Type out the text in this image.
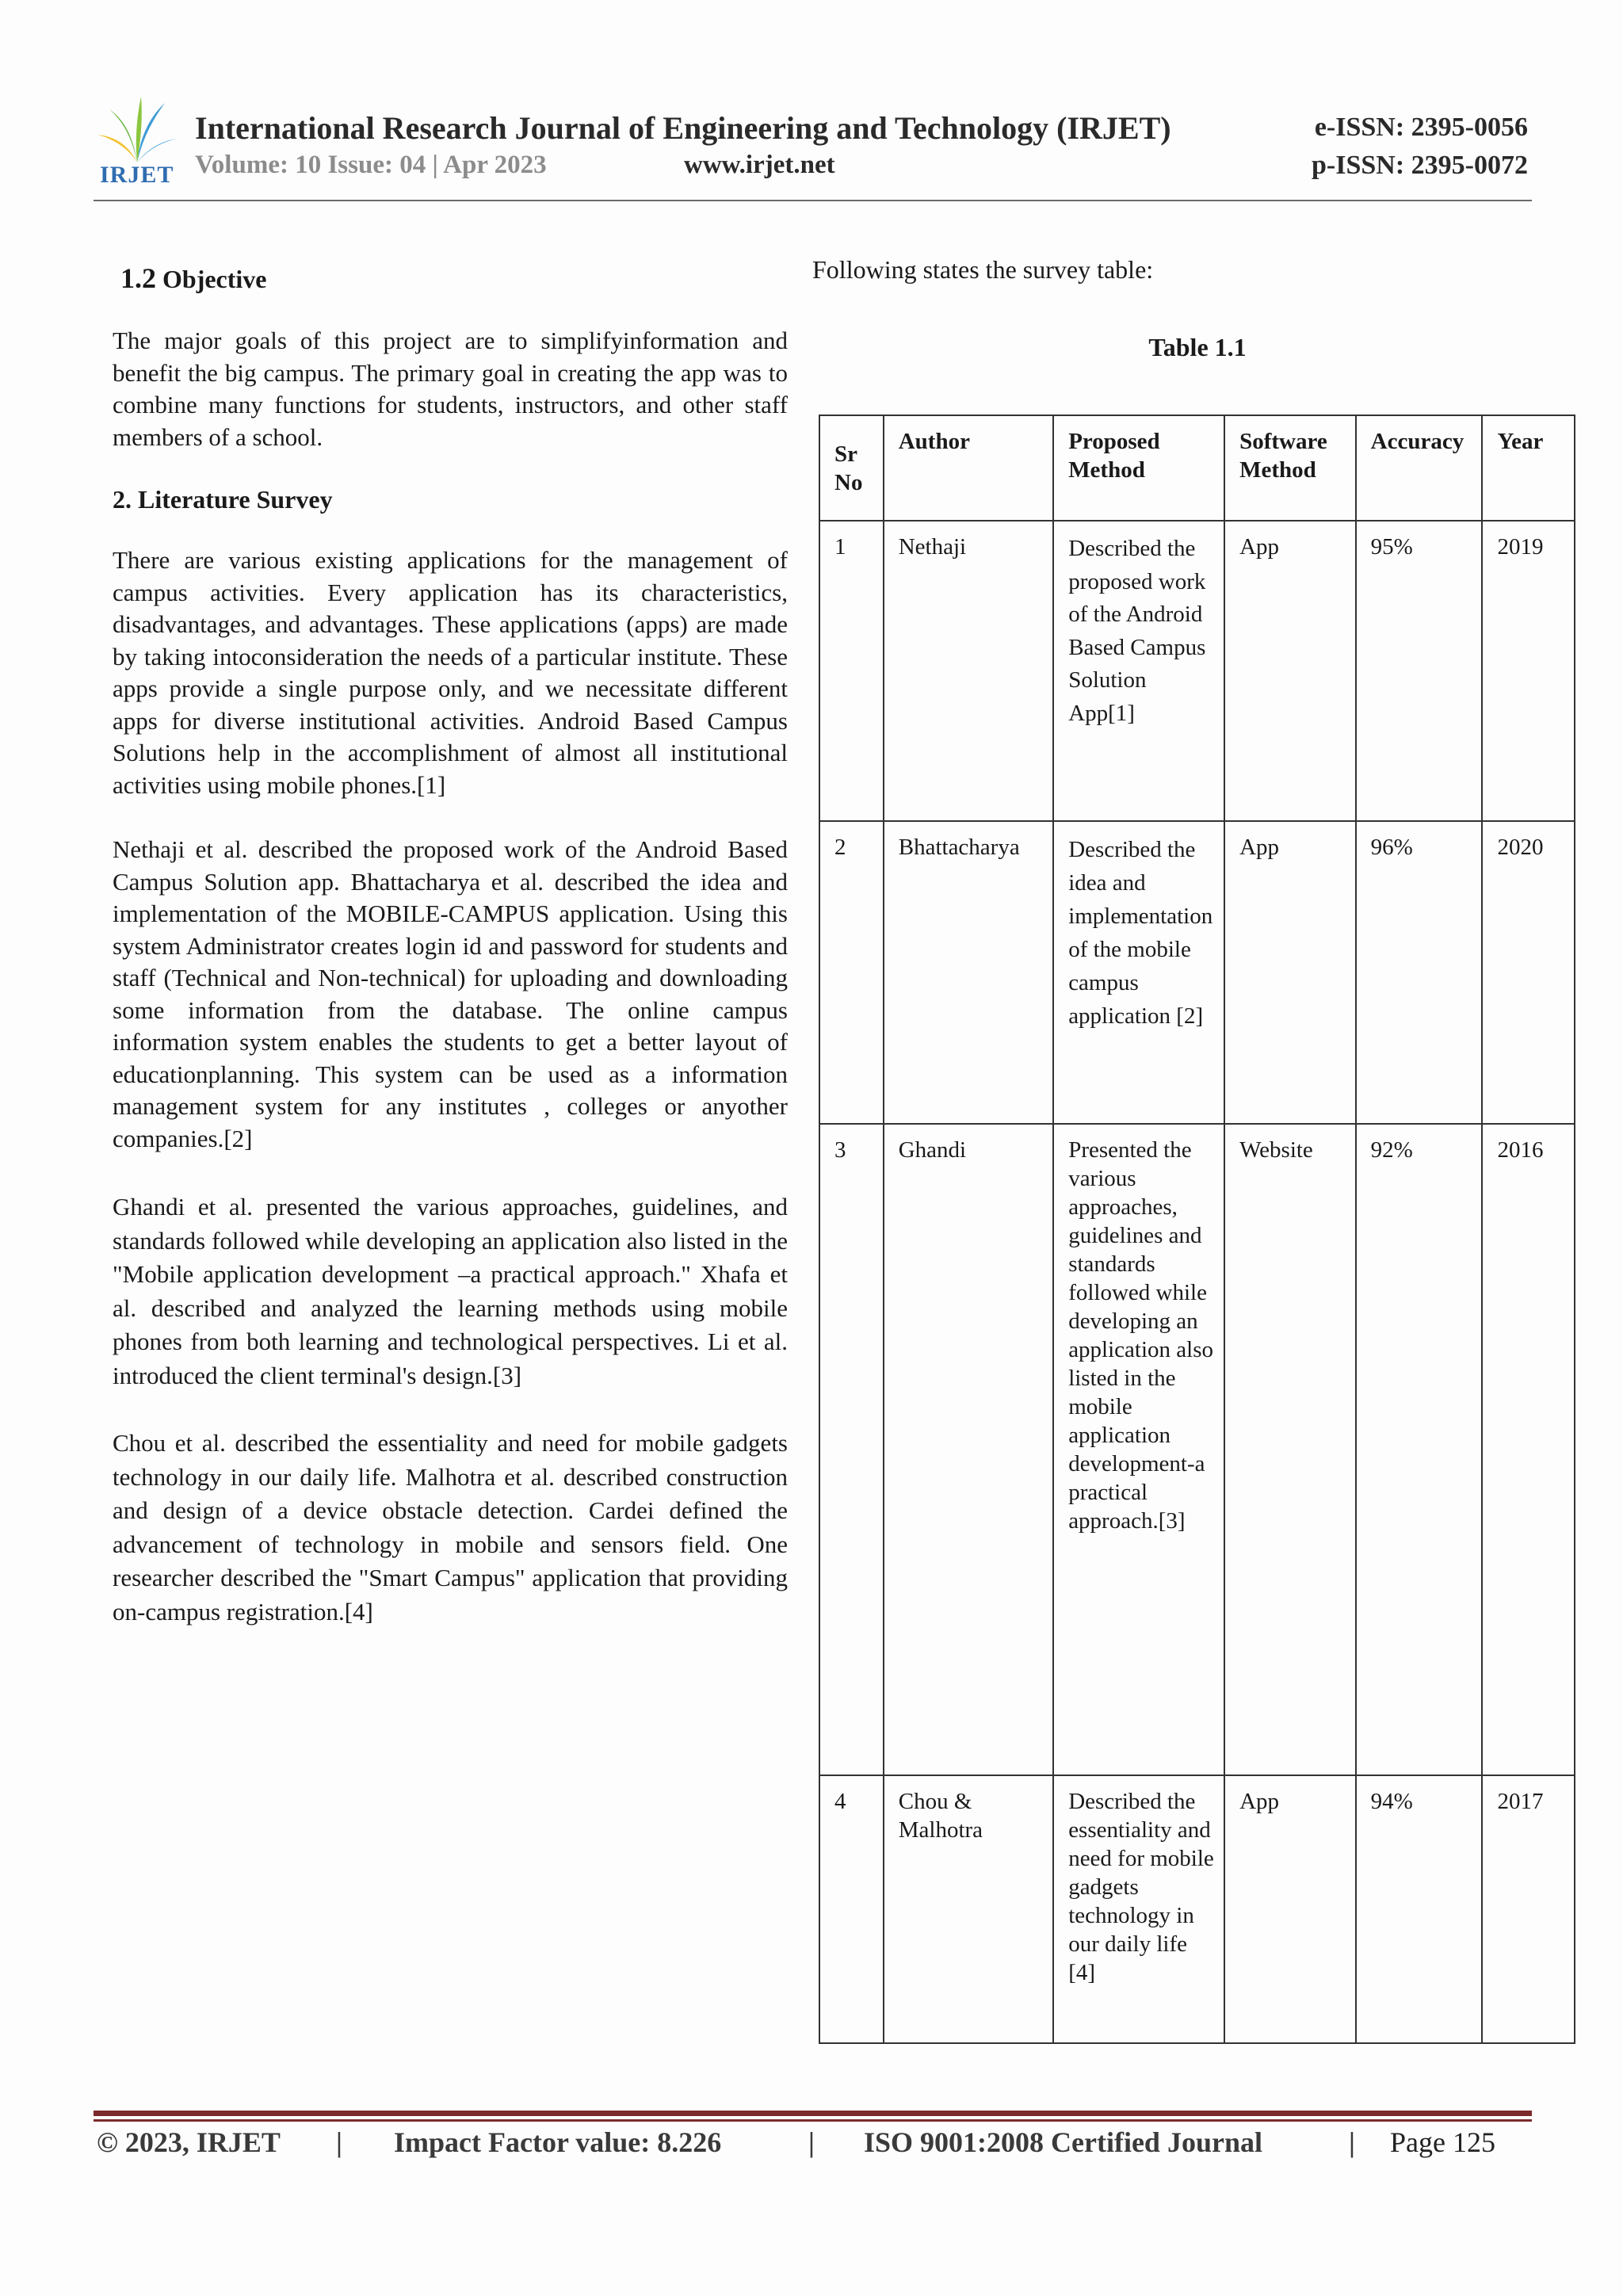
IRJET
International Research Journal of Engineering and Technology (IRJET)	e-ISSN: 2395-0056
Volume: 10 Issue: 04 | Apr 2023	www.irjet.net	p-ISSN: 2395-0072
1.2 Objective

The major goals of this project are to simplifyinformation and benefit the big campus. The primary goal in creating the app was to combine many functions for students, instructors, and other staff members of a school.

2. Literature Survey

There are various existing applications for the management of campus activities. Every application has its characteristics, disadvantages, and advantages. These applications (apps) are made by taking intoconsideration the needs of a particular institute. These apps provide a single purpose only, and we necessitate different apps for diverse institutional activities. Android Based Campus Solutions help in the accomplishment of almost all institutional activities using mobile phones.[1]

Nethaji et al. described the proposed work of the Android Based Campus Solution app. Bhattacharya et al. described the idea and implementation of the MOBILE-CAMPUS application. Using this system Administrator creates login id and password for students and staff (Technical and Non-technical) for uploading and downloading some information from the database. The online campus information system enables the students to get a better layout of educationplanning. This system can be used as a information management system for any institutes , colleges or anyother companies.[2]

Ghandi et al. presented the various approaches, guidelines, and standards followed while developing an application also listed in the "Mobile application development –a practical approach." Xhafa et al. described and analyzed the learning methods using mobile phones from both learning and technological perspectives. Li et al. introduced the client terminal's design.[3]

Chou et al. described the essentiality and need for mobile gadgets technology in our daily life. Malhotra et al. described construction and design of a device obstacle detection. Cardei defined the advancement of technology in mobile and sensors field. One researcher described the "Smart Campus" application that providing on-campus registration.[4]

Following states the survey table:
Table 1.1
Sr No	Author	Proposed Method	Software Method	Accuracy	Year
1	Nethaji	Described the proposed work of the Android Based Campus Solution App[1]	App	95%	2019
2	Bhattacharya	Described the idea and implementation of the mobile campus application [2]	App	96%	2020
3	Ghandi	Presented the various approaches, guidelines and standards followed while developing an application also listed in the mobile application development-a practical approach.[3]	Website	92%	2016
4	Chou & Malhotra	Described the essentiality and need for mobile gadgets technology in our daily life [4]	App	94%	2017
© 2023, IRJET | Impact Factor value: 8.226	| ISO 9001:2008 Certified Journal	| Page 125
